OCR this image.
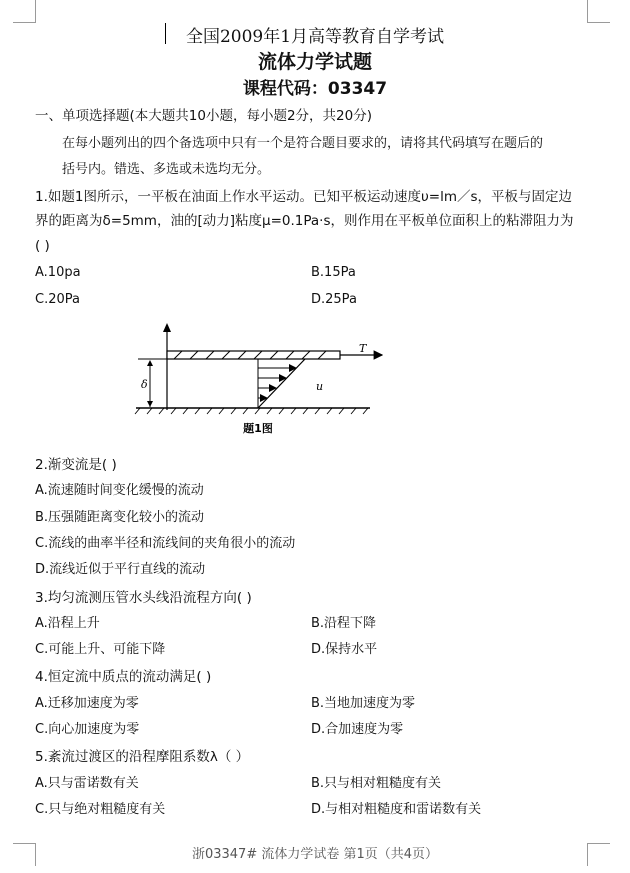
全国2009年1月高等教育自学考试
流体力学试题
课程代码：03347
一、单项选择题(本大题共10小题，每小题2分，共20分)
在每小题列出的四个备选项中只有一个是符合题目要求的，请将其代码填写在题后的
括号内。错选、多选或未选均无分。
1.如题1图所示，一平板在油面上作水平运动。已知平板运动速度υ=lm／s，平板与固定边
界的距离为δ=5mm，油的[动力]粘度μ=0.1Pa·s，则作用在平板单位面积上的粘滞阻力为
( )
A.10pa	B.15Pa
C.20Pa	D.25Pa
T
δ	u
题1图
2.渐变流是( )
A.流速随时间变化缓慢的流动
B.压强随距离变化较小的流动
C.流线的曲率半径和流线间的夹角很小的流动
D.流线近似于平行直线的流动
3.均匀流测压管水头线沿流程方向( )
A.沿程上升	B.沿程下降
C.可能上升、可能下降	D.保持水平
4.恒定流中质点的流动满足( )
A.迁移加速度为零	B.当地加速度为零
C.向心加速度为零	D.合加速度为零
5.紊流过渡区的沿程摩阻系数λ（ ）
A.只与雷诺数有关	B.只与相对粗糙度有关
C.只与绝对粗糙度有关	D.与相对粗糙度和雷诺数有关
浙03347# 流体力学试卷 第1页（共4页）
